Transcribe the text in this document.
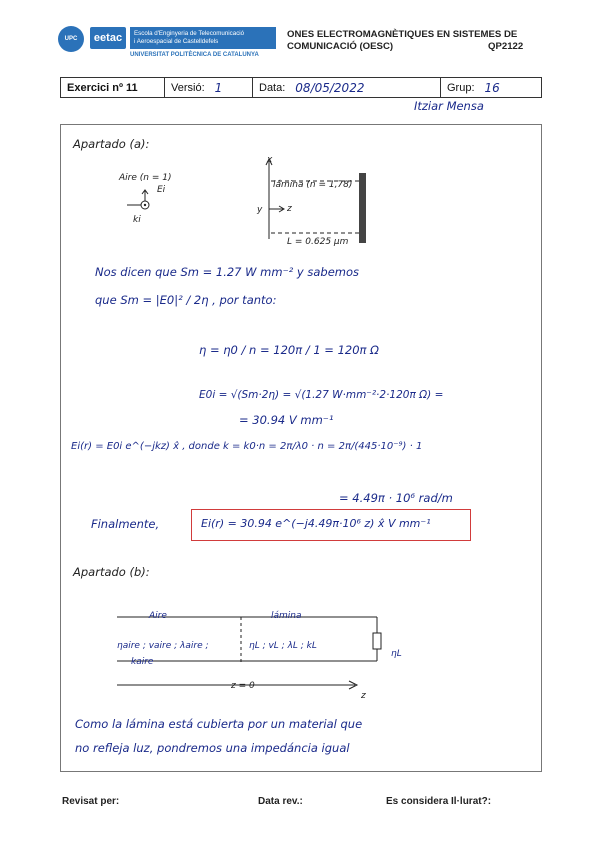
UPC eetac Escola d'Enginyeria de Telecomunicació
i Aeroespacial de Castelldefels
UNIVERSITAT POLITÈCNICA DE CATALUNYA
ONES ELECTROMAGNÈTIQUES EN SISTEMES DE COMUNICACIÓ (OESC)	QP2122
Exercici nº 11	Versió: 1	Data: 08/05/2022	Grup: 16
Itziar Mensa
Apartado (a):
Aire (n = 1)
Ei
ki
x
y	z
lámina (n = 1,78)
L = 0.625 μm
Nos dicen que Sm = 1.27 W mm⁻² y sabemos
que Sm = |E0|² / 2η , por tanto:
η = η0 / n = 120π / 1 = 120π Ω
E0i = √(Sm·2η) = √(1.27 W·mm⁻²·2·120π Ω) =
= 30.94 V mm⁻¹
Ei(r) = E0i e^(−jkz) x̂ , donde k = k0·n = 2π/λ0 · n = 2π/(445·10⁻⁹) · 1
= 4.49π · 10⁶ rad/m
Finalmente,	Ei(r) = 30.94 e^(−j4.49π·10⁶ z) x̂ V mm⁻¹
Apartado (b):
Aire	lámina
ηaire ; vaire ; λaire ;
kaire
ηL ; vL ; λL ; kL
ηL
z = 0
z
Como la lámina está cubierta por un material que
no refleja luz, pondremos una impedáncia igual
Revisat per:	Data rev.:	Es considera Il·lurat?:
